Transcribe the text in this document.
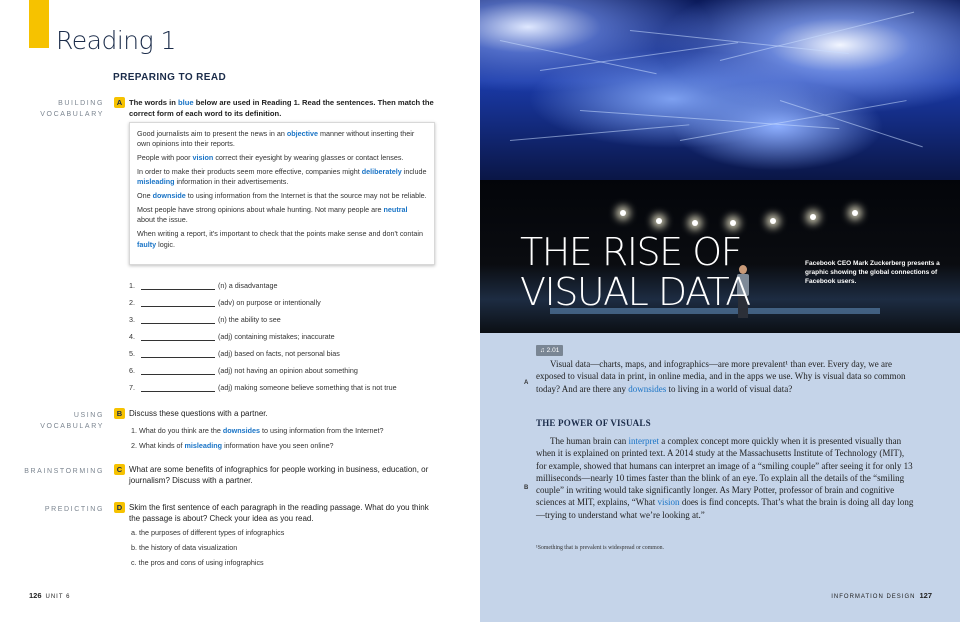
Reading 1
PREPARING TO READ
BUILDING
VOCABULARY
A The words in blue below are used in Reading 1. Read the sentences. Then match the correct form of each word to its definition.

Good journalists aim to present the news in an objective manner without inserting their own opinions into their reports.

People with poor vision correct their eyesight by wearing glasses or contact lenses.

In order to make their products seem more effective, companies might deliberately include misleading information in their advertisements.

One downside to using information from the Internet is that the source may not be reliable.

Most people have strong opinions about whale hunting. Not many people are neutral about the issue.

When writing a report, it's important to check that the points make sense and don't contain faulty logic.

1.	(n) a disadvantage
2.	(adv) on purpose or intentionally
3.	(n) the ability to see
4.	(adj) containing mistakes; inaccurate
5.	(adj) based on facts, not personal bias
6.	(adj) not having an opinion about something
7.	(adj) making someone believe something that is not true
USING
VOCABULARY
B Discuss these questions with a partner.
1. What do you think are the downsides to using information from the Internet?
2. What kinds of misleading information have you seen online?
BRAINSTORMING	C What are some benefits of infographics for people working in business, education, or journalism? Discuss with a partner.
PREDICTING	D Skim the first sentence of each paragraph in the reading passage. What do you think the passage is about? Check your idea as you read.
a. the purposes of different types of infographics
b. the history of data visualization
c. the pros and cons of using infographics
126 UNIT 6
THE RISE OF
VISUAL DATA
Facebook CEO Mark Zuckerberg presents a graphic showing the global connections of Facebook users.
♫ 2.01
A
Visual data—charts, maps, and infographics—are more prevalent¹ than ever. Every day, we are exposed to visual data in print, in online media, and in the apps we use. Why is visual data so common today? And are there any downsides to living in a world of visual data?
THE POWER OF VISUALS
B
The human brain can interpret a complex concept more quickly when it is presented visually than when it is explained on printed text. A 2014 study at the Massachusetts Institute of Technology (MIT), for example, showed that humans can interpret an image of a “smiling couple” after seeing it for only 13 milliseconds—nearly 10 times faster than the blink of an eye. To explain all the details of the “smiling couple” in writing would take significantly longer. As Mary Potter, professor of brain and cognitive sciences at MIT, explains, “What vision does is find concepts. That’s what the brain is doing all day long—trying to understand what we’re looking at.”
¹Something that is prevalent is widespread or common.
INFORMATION DESIGN 127
